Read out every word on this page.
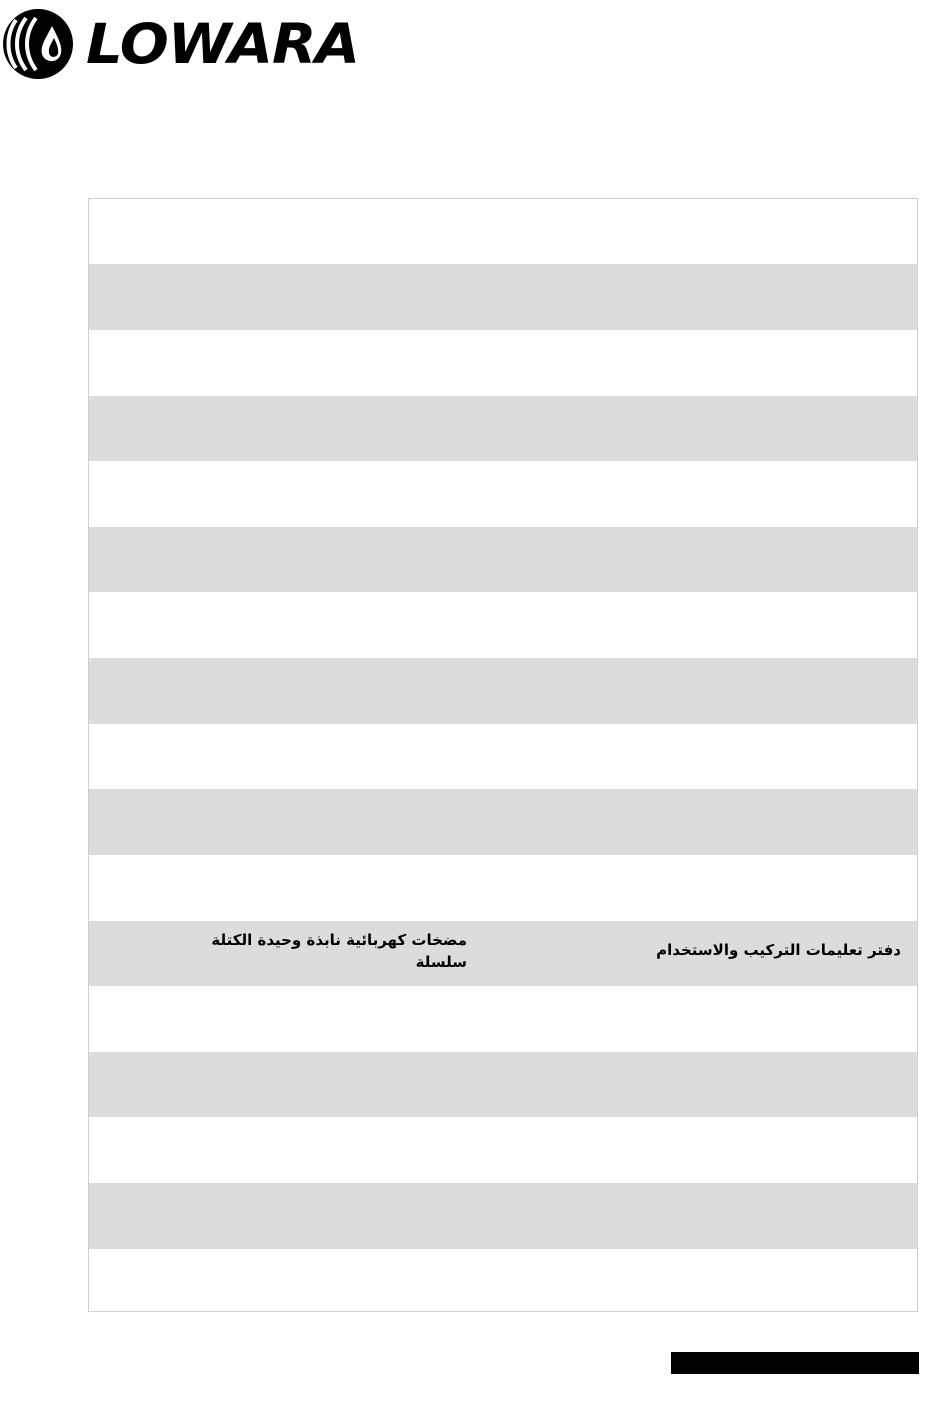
LOWARA
مضخات كهربائية نابذة وحيدة الكتلة
سلسلة
دفتر تعليمات التركيب والاستخدام
